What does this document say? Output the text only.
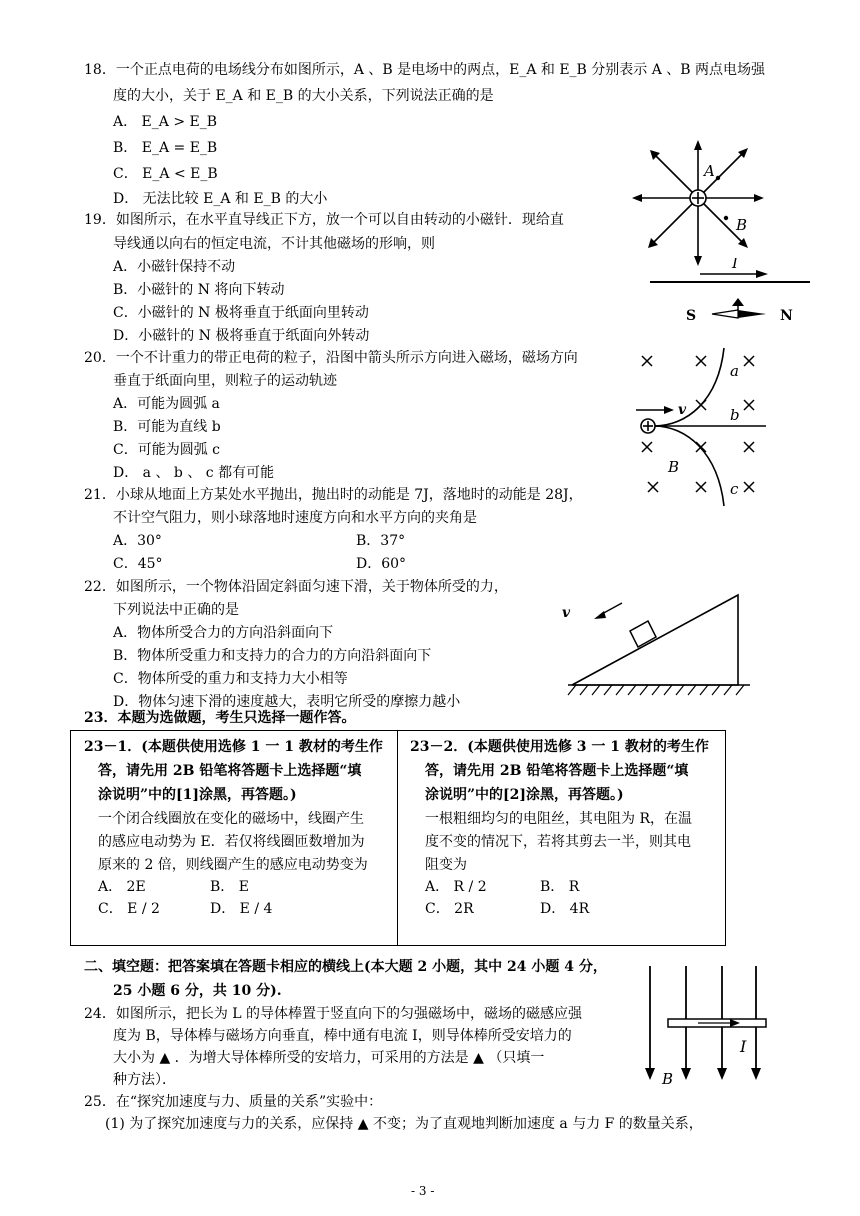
18．一个正点电荷的电场线分布如图所示，A 、B 是电场中的两点，E_A 和 E_B 分别表示 A 、B 两点电场强
度的大小，关于 E_A 和 E_B 的大小关系，下列说法正确的是
A． E_A > E_B
B． E_A = E_B
C． E_A < E_B
D． 无法比较 E_A 和 E_B 的大小
A
B
19．如图所示，在水平直导线正下方，放一个可以自由转动的小磁针．现给直
导线通以向右的恒定电流，不计其他磁场的形响，则
A．小磁针保持不动
B．小磁针的 N 将向下转动
C．小磁针的 N 极将垂直于纸面向里转动
D．小磁针的 N 极将垂直于纸面向外转动
I
S	N
20．一个不计重力的带正电荷的粒子，沿图中箭头所示方向进入磁场，磁场方向
垂直于纸面向里，则粒子的运动轨迹
A．可能为圆弧 a
B．可能为直线 b
C．可能为圆弧 c
D． a 、 b 、 c 都有可能
v
a
b
c
B
21．小球从地面上方某处水平抛出，抛出时的动能是 7J，落地时的动能是 28J，
不计空气阻力，则小球落地时速度方向和水平方向的夹角是
A．30°	B．37°
C．45°	D．60°
22．如图所示，一个物体沿固定斜面匀速下滑，关于物体所受的力，
下列说法中正确的是
A．物体所受合力的方向沿斜面向下
B．物体所受重力和支持力的合力的方向沿斜面向下
C．物体所受的重力和支持力大小相等
D．物体匀速下滑的速度越大，表明它所受的摩擦力越小
v
23．本题为选做题，考生只选择一题作答。
23－1．(本题供使用选修 1 一 1 教材的考生作
答，请先用 2B 铅笔将答题卡上选择题“填
涂说明”中的[1]涂黑，再答题。)
一个闭合线圈放在变化的磁场中，线圈产生
的感应电动势为 E．若仅将线圈匝数增加为
原来的 2 倍，则线圈产生的感应电动势变为
A． 2E	B． E
C． E / 2	D． E / 4
23－2．(本题供使用选修 3 一 1 教材的考生作
答，请先用 2B 铅笔将答题卡上选择题“填
涂说明”中的[2]涂黑，再答题。)
一根粗细均匀的电阻丝，其电阻为 R，在温
度不变的情况下，若将其剪去一半，则其电
阻变为
A． R / 2	B． R
C． 2R	D． 4R
二、填空题：把答案填在答题卡相应的横线上(本大题 2 小题，其中 24 小题 4 分，
25 小题 6 分，共 10 分).
24．如图所示，把长为 L 的导体棒置于竖直向下的匀强磁场中，磁场的磁感应强
度为 B，导体棒与磁场方向垂直，棒中通有电流 I，则导体棒所受安培力的
大小为 ▲ ．为增大导体棒所受的安培力，可采用的方法是 ▲ （只填一
种方法）．
I
B
25．在“探究加速度与力、质量的关系”实验中：
(1) 为了探究加速度与力的关系，应保持 ▲ 不变；为了直观地判断加速度 a 与力 F 的数量关系，
- 3 -
